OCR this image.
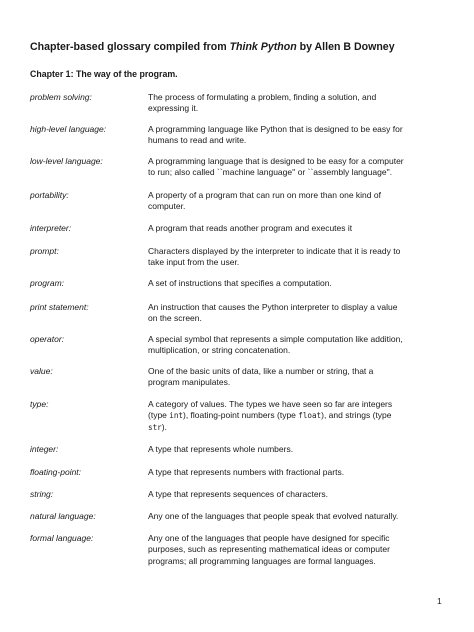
Chapter-based glossary compiled from Think Python by Allen B Downey
Chapter 1: The way of the program.
problem solving:	The process of formulating a problem, finding a solution, and
expressing it.
high-level language:	A programming language like Python that is designed to be easy for
humans to read and write.
low-level language:	A programming language that is designed to be easy for a computer
to run; also called ``machine language'' or ``assembly language''.
portability:	A property of a program that can run on more than one kind of
computer.
interpreter:	A program that reads another program and executes it
prompt:	Characters displayed by the interpreter to indicate that it is ready to
take input from the user.
program:	A set of instructions that specifies a computation.
print statement:	An instruction that causes the Python interpreter to display a value
on the screen.
operator:	A special symbol that represents a simple computation like addition,
multiplication, or string concatenation.
value:	One of the basic units of data, like a number or string, that a
program manipulates.
type:	A category of values. The types we have seen so far are integers
(type int), floating-point numbers (type float), and strings (type
str).
integer:	A type that represents whole numbers.
floating-point:	A type that represents numbers with fractional parts.
string:	A type that represents sequences of characters.
natural language:	Any one of the languages that people speak that evolved naturally.
formal language:	Any one of the languages that people have designed for specific
purposes, such as representing mathematical ideas or computer
programs; all programming languages are formal languages.
1
